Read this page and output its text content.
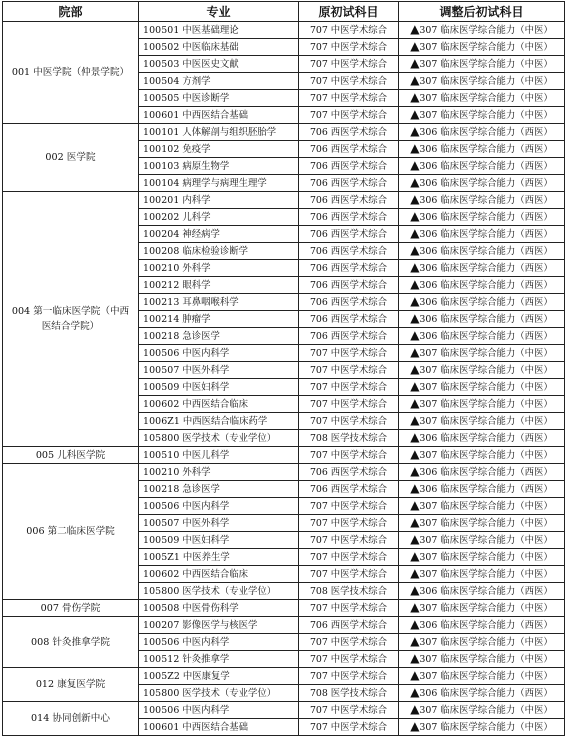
院部	专业	原初试科目	调整后初试科目
001 中医学院（仲景学院）	100501 中医基础理论	707 中医学术综合	▲307 临床医学综合能力（中医）
	100502 中医临床基础	707 中医学术综合	▲307 临床医学综合能力（中医）
	100503 中医医史文献	707 中医学术综合	▲307 临床医学综合能力（中医）
	100504 方剂学	707 中医学术综合	▲307 临床医学综合能力（中医）
	100505 中医诊断学	707 中医学术综合	▲307 临床医学综合能力（中医）
	100601 中西医结合基础	707 中医学术综合	▲307 临床医学综合能力（中医）
002 医学院	100101 人体解剖与组织胚胎学	706 西医学术综合	▲306 临床医学综合能力（西医）
	100102 免疫学	706 西医学术综合	▲306 临床医学综合能力（西医）
	100103 病原生物学	706 西医学术综合	▲306 临床医学综合能力（西医）
	100104 病理学与病理生理学	706 西医学术综合	▲306 临床医学综合能力（西医）
004 第一临床医学院（中西医结合学院）	100201 内科学	706 西医学术综合	▲306 临床医学综合能力（西医）
	100202 儿科学	706 西医学术综合	▲306 临床医学综合能力（西医）
	100204 神经病学	706 西医学术综合	▲306 临床医学综合能力（西医）
	100208 临床检验诊断学	706 西医学术综合	▲306 临床医学综合能力（西医）
	100210 外科学	706 西医学术综合	▲306 临床医学综合能力（西医）
	100212 眼科学	706 西医学术综合	▲306 临床医学综合能力（西医）
	100213 耳鼻咽喉科学	706 西医学术综合	▲306 临床医学综合能力（西医）
	100214 肿瘤学	706 西医学术综合	▲306 临床医学综合能力（西医）
	100218 急诊医学	706 西医学术综合	▲306 临床医学综合能力（西医）
	100506 中医内科学	707 中医学术综合	▲307 临床医学综合能力（中医）
	100507 中医外科学	707 中医学术综合	▲307 临床医学综合能力（中医）
	100509 中医妇科学	707 中医学术综合	▲307 临床医学综合能力（中医）
	100602 中西医结合临床	707 中医学术综合	▲307 临床医学综合能力（中医）
	1006Z1 中西医结合临床药学	707 中医学术综合	▲307 临床医学综合能力（中医）
	105800 医学技术（专业学位）	708 医学技术综合	▲306 临床医学综合能力（西医）
005 儿科医学院	100510 中医儿科学	707 中医学术综合	▲307 临床医学综合能力（中医）
006 第二临床医学院	100210 外科学	706 西医学术综合	▲306 临床医学综合能力（西医）
	100218 急诊医学	706 西医学术综合	▲306 临床医学综合能力（西医）
	100506 中医内科学	707 中医学术综合	▲307 临床医学综合能力（中医）
	100507 中医外科学	707 中医学术综合	▲307 临床医学综合能力（中医）
	100509 中医妇科学	707 中医学术综合	▲307 临床医学综合能力（中医）
	1005Z1 中医养生学	707 中医学术综合	▲307 临床医学综合能力（中医）
	100602 中西医结合临床	707 中医学术综合	▲307 临床医学综合能力（中医）
	105800 医学技术（专业学位）	708 医学技术综合	▲306 临床医学综合能力（西医）
007 骨伤学院	100508 中医骨伤科学	707 中医学术综合	▲307 临床医学综合能力（中医）
008 针灸推拿学院	100207 影像医学与核医学	706 西医学术综合	▲306 临床医学综合能力（西医）
	100506 中医内科学	707 中医学术综合	▲307 临床医学综合能力（中医）
	100512 针灸推拿学	707 中医学术综合	▲307 临床医学综合能力（中医）
012 康复医学院	1005Z2 中医康复学	707 中医学术综合	▲307 临床医学综合能力（中医）
	105800 医学技术（专业学位）	708 医学技术综合	▲306 临床医学综合能力（西医）
014 协同创新中心	100506 中医内科学	707 中医学术综合	▲307 临床医学综合能力（中医）
	100601 中西医结合基础	707 中医学术综合	▲307 临床医学综合能力（中医）
